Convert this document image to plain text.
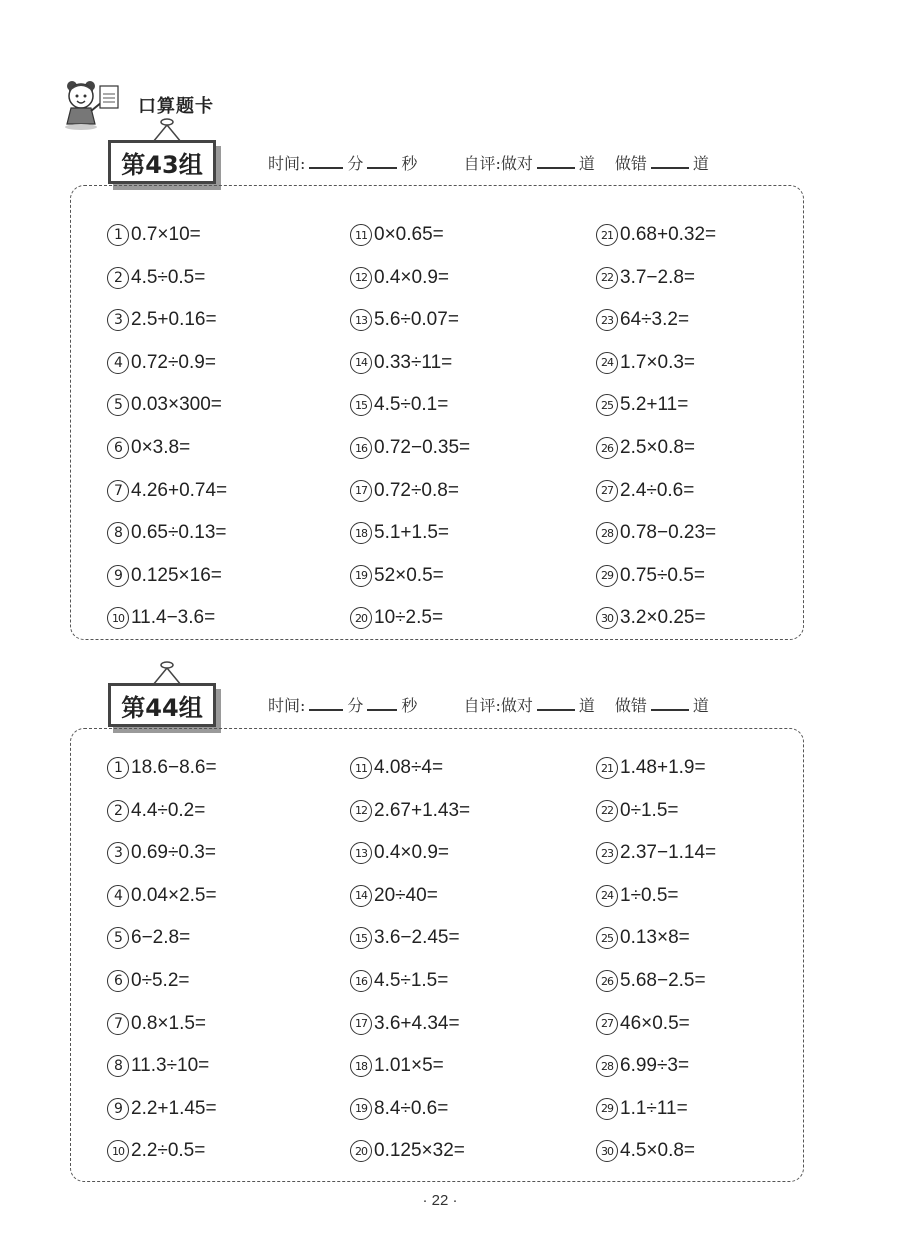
口算题卡
第43组	时间:	分 秒	自评:做对	道 做错	道
第44组	时间:	分 秒	自评:做对	道 做错	道
· 22 ·
1 0.7×10=
2 4.5÷0.5=
3 2.5+0.16=
4 0.72÷0.9=
5 0.03×300=
6 0×3.8=
7 4.26+0.74=
8 0.65÷0.13=
9 0.125×16=
10 11.4−3.6=
11 0×0.65=
12 0.4×0.9=
13 5.6÷0.07=
14 0.33÷11=
15 4.5÷0.1=
16 0.72−0.35=
17 0.72÷0.8=
18 5.1+1.5=
19 52×0.5=
20 10÷2.5=
21 0.68+0.32=
22 3.7−2.8=
23 64÷3.2=
24 1.7×0.3=
25 5.2+11=
26 2.5×0.8=
27 2.4÷0.6=
28 0.78−0.23=
29 0.75÷0.5=
30 3.2×0.25=
1 18.6−8.6=
2 4.4÷0.2=
3 0.69÷0.3=
4 0.04×2.5=
5 6−2.8=
6 0÷5.2=
7 0.8×1.5=
8 11.3÷10=
9 2.2+1.45=
10 2.2÷0.5=
11 4.08÷4=
12 2.67+1.43=
13 0.4×0.9=
14 20÷40=
15 3.6−2.45=
16 4.5÷1.5=
17 3.6+4.34=
18 1.01×5=
19 8.4÷0.6=
20 0.125×32=
21 1.48+1.9=
22 0÷1.5=
23 2.37−1.14=
24 1÷0.5=
25 0.13×8=
26 5.68−2.5=
27 46×0.5=
28 6.99÷3=
29 1.1÷11=
30 4.5×0.8=
